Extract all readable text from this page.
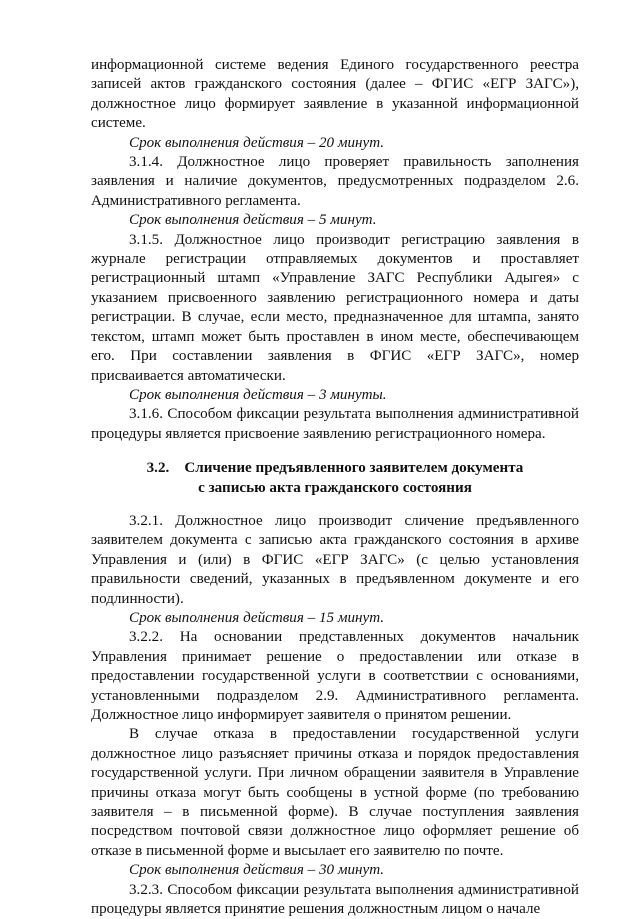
информационной системе ведения Единого государственного реестра записей актов гражданского состояния (далее – ФГИС «ЕГР ЗАГС»), должностное лицо формирует заявление в указанной информационной системе.

Срок выполнения действия – 20 минут.

3.1.4. Должностное лицо проверяет правильность заполнения заявления и наличие документов, предусмотренных подразделом 2.6. Административного регламента.

Срок выполнения действия – 5 минут.

3.1.5. Должностное лицо производит регистрацию заявления в журнале регистрации отправляемых документов и проставляет регистрационный штамп «Управление ЗАГС Республики Адыгея» с указанием присвоенного заявлению регистрационного номера и даты регистрации. В случае, если место, предназначенное для штампа, занято текстом, штамп может быть проставлен в ином месте, обеспечивающем его. При составлении заявления в ФГИС «ЕГР ЗАГС», номер присваивается автоматически.

Срок выполнения действия – 3 минуты.

3.1.6. Способом фиксации результата выполнения административной процедуры является присвоение заявлению регистрационного номера.

3.2.    Сличение предъявленного заявителем документа

с записью акта гражданского состояния

3.2.1. Должностное лицо производит сличение предъявленного заявителем документа с записью акта гражданского состояния в архиве Управления и (или) в ФГИС «ЕГР ЗАГС» (с целью установления правильности сведений, указанных в предъявленном документе и его подлинности).

Срок выполнения действия – 15 минут.

3.2.2. На основании представленных документов начальник Управления принимает решение о предоставлении или отказе в предоставлении государственной услуги в соответствии с основаниями, установленными подразделом 2.9. Административного регламента. Должностное лицо информирует заявителя о принятом решении.

В случае отказа в предоставлении государственной услуги должностное лицо разъясняет причины отказа и порядок предоставления государственной услуги. При личном обращении заявителя в Управление причины отказа могут быть сообщены в устной форме (по требованию заявителя – в письменной форме). В случае поступления заявления посредством почтовой связи должностное лицо оформляет решение об отказе в письменной форме и высылает его заявителю по почте.

Срок выполнения действия – 30 минут.

3.2.3. Способом фиксации результата выполнения административной процедуры является принятие решения должностным лицом о начале
